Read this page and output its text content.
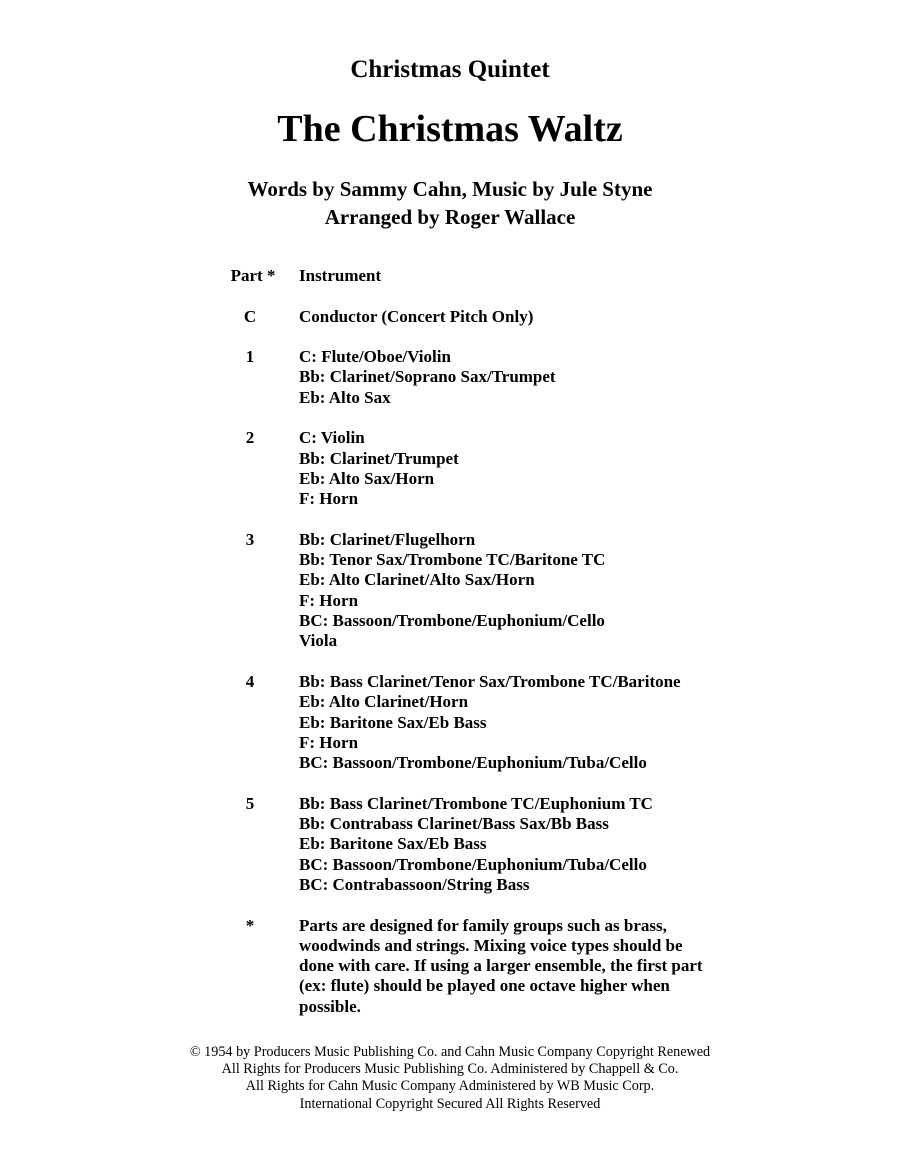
Christmas Quintet
The Christmas Waltz
Words by Sammy Cahn, Music by Jule Styne
Arranged by Roger Wallace
Part * Instrument
C	Conductor (Concert Pitch Only)
1	C: Flute/Oboe/Violin
Bb: Clarinet/Soprano Sax/Trumpet
Eb: Alto Sax
2	C: Violin
Bb: Clarinet/Trumpet
Eb: Alto Sax/Horn
F: Horn
3	Bb: Clarinet/Flugelhorn
Bb: Tenor Sax/Trombone TC/Baritone TC
Eb: Alto Clarinet/Alto Sax/Horn
F: Horn
BC: Bassoon/Trombone/Euphonium/Cello
Viola
4	Bb: Bass Clarinet/Tenor Sax/Trombone TC/Baritone
Eb: Alto Clarinet/Horn
Eb: Baritone Sax/Eb Bass
F: Horn
BC: Bassoon/Trombone/Euphonium/Tuba/Cello
5	Bb: Bass Clarinet/Trombone TC/Euphonium TC
Bb: Contrabass Clarinet/Bass Sax/Bb Bass
Eb: Baritone Sax/Eb Bass
BC: Bassoon/Trombone/Euphonium/Tuba/Cello
BC: Contrabassoon/String Bass
*	Parts are designed for family groups such as brass,
woodwinds and strings. Mixing voice types should be
done with care. If using a larger ensemble, the first part
(ex: flute) should be played one octave higher when
possible.
© 1954 by Producers Music Publishing Co. and Cahn Music Company Copyright Renewed
All Rights for Producers Music Publishing Co. Administered by Chappell & Co.
All Rights for Cahn Music Company Administered by WB Music Corp.
International Copyright Secured All Rights Reserved
